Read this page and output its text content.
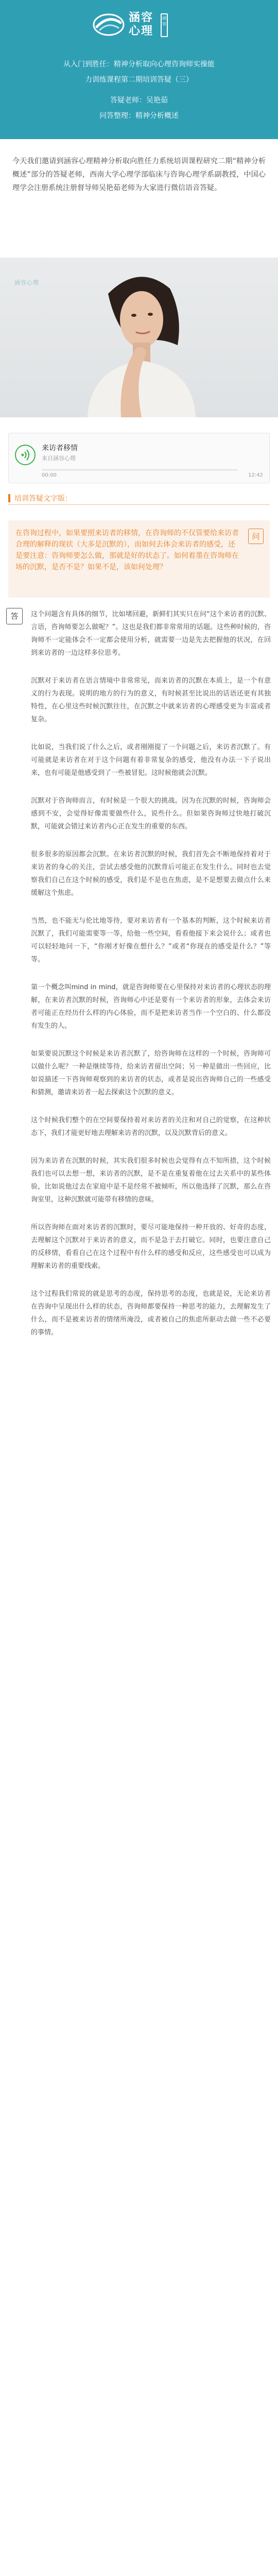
涵容心理
涵容
从入门到胜任：精神分析取向心理咨询师实操能
力训练课程第二期培训答疑（三）
答疑老师：吴艳茹
问答整理：精神分析概述
今天我们邀请到涵容心理精神分析取向胜任力系统培训课程研究二期“精神分析概述”部分的答疑老师，西南大学心理学部临床与咨询心理学系副教授，中国心理学会注册系统注册督导师吴艳茹老师为大家进行微信语音答疑。
涵容心理
来访者移情
来自涵容心理
00:00	12:42
培训答疑文字版：
在咨询过程中，如果要照来访者的移情，在咨询师的不仅管要给来访者合理的解释的现状（大多是沉默的），而如何去体会来访者的感受，还是要注意：咨询师要怎么做，那就是好的状态了。如何着墨在咨询师在场的沉默，是否不是？如果不是，该如何处理？
问
答	这个问题含有具体的细节，比如堵回避，新鲜们其实只在问“这个来访者的沉默、言语，咨询师要怎么做呢？”。这也是我们都非常常用的话题。这些种时候的，咨询师不一定能体会不一定都会使用分析，就需要一边是先去把握他的状况，在回到来访者的一边这样多位思考。

沉默对于来访者在语言情境中非常常见，而来访者的沉默在本质上，是一个有意义的行为表现。说明的地方的行为的意义，有时候甚至比说出的话语还更有其独特性，在心里这些时候沉默往往，在沉默之中就来访者的心理感受更为丰富或者复杂。

比如说，当我们说了什么之后，或者刚刚提了一个问题之后，来访者沉默了。有可能就是来访者在对于这个问题有着非常复杂的感受，他没有办法一下子说出来，也有可能是他感受到了一些被冒犯。这时候他就会沉默。

沉默对于咨询师而言，有时候是一个很大的挑战。因为在沉默的时候，咨询师会感到不安，会觉得好像需要做些什么，说些什么。但如果咨询师过快地打破沉默，可能就会错过来访者内心正在发生的重要的东西。

很多很多的原因都会沉默。在来访者沉默的时候，我们首先会不断地保持着对于来访者的身心的关注，尝试去感受他的沉默背后可能正在发生什么。同时也去觉察我们自己在这个时候的感受，我们是不是也在焦虑，是不是想要去做点什么来缓解这个焦虑。

当然，也不能无与伦比地等待，要对来访者有一个基本的判断，这个时候来访者沉默了，我们可能需要等一等，给他一些空间，看看他接下来会说什么；或者也可以轻轻地问一下，“你刚才好像在想什么？”或者“你现在的感受是什么？”等等。

第一个概念叫mind in mind，就是咨询师要在心里保持对来访者的心理状态的理解，在来访者沉默的时候，咨询师心中还是要有一个来访者的形象，去体会来访者可能正在经历什么样的内心体验，而不是把来访者当作一个空白的、什么都没有发生的人。

如果要说沉默这个时候是来访者沉默了，给咨询师在这样的一个时候，咨询师可以做什么呢？一种是继续等待，给来访者留出空间；另一种是做出一些回应，比如说描述一下咨询师观察到的来访者的状态，或者是说出咨询师自己的一些感受和猜测，邀请来访者一起去探索这个沉默的意义。

这个时候我们整个的在空间要保持着对来访者的关注和对自己的觉察，在这种状态下，我们才能更好地去理解来访者的沉默，以及沉默背后的意义。

因为来访者在沉默的时候，其实我们很多时候也会觉得有点不知所措，这个时候我们也可以去想一想，来访者的沉默，是不是在重复着他在过去关系中的某些体验，比如说他过去在家庭中是不是经常不被倾听，所以他选择了沉默，那么在咨询室里，这种沉默就可能带有移情的意味。

所以咨询师在面对来访者的沉默时，要尽可能地保持一种开放的、好奇的态度，去理解这个沉默对于来访者的意义，而不是急于去打破它。同时，也要注意自己的反移情，看看自己在这个过程中有什么样的感受和反应，这些感受也可以成为理解来访者的重要线索。

这个过程我们常说的就是思考的态度，保持思考的态度，也就是说，无论来访者在咨询中呈现出什么样的状态，咨询师都要保持一种思考的能力，去理解发生了什么，而不是被来访者的情绪所淹没，或者被自己的焦虑所驱动去做一些不必要的事情。
